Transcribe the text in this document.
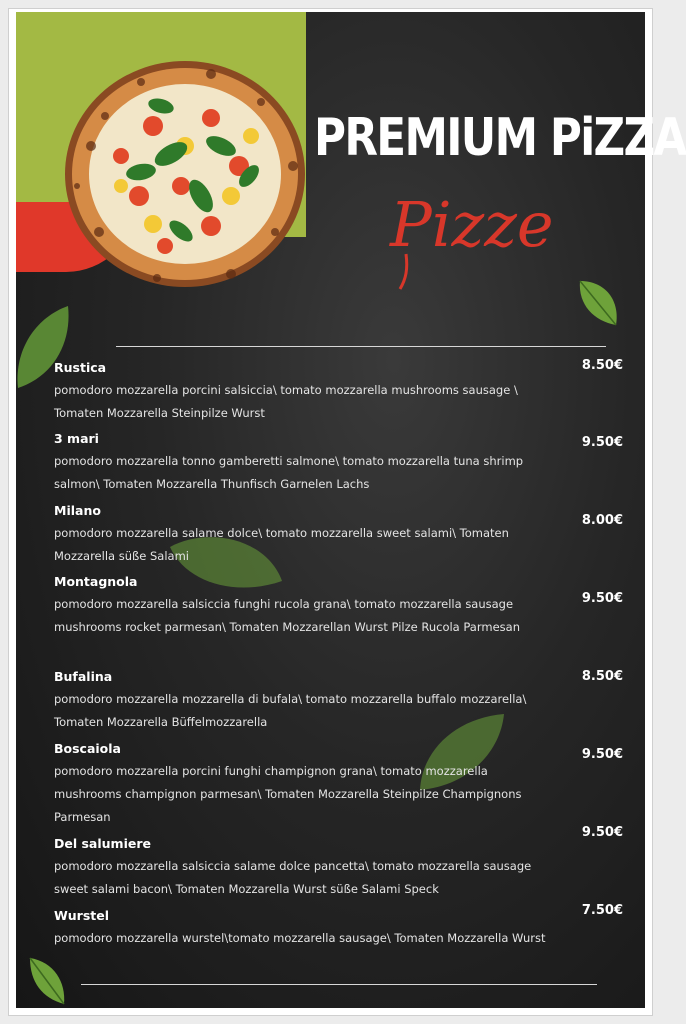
PREMIUM PiZZA
Pizze

Rustica

pomodoro mozzarella porcini salsiccia\ tomato mozzarella mushrooms sausage \ Tomaten Mozzarella Steinpilze Wurst

8.50€

3 mari

pomodoro mozzarella tonno gamberetti salmone\ tomato mozzarella tuna shrimp salmon\ Tomaten Mozzarella Thunfisch Garnelen Lachs

9.50€

Milano

pomodoro mozzarella salame dolce\ tomato mozzarella sweet salami\ Tomaten Mozzarella süße Salami

8.00€

Montagnola

pomodoro mozzarella salsiccia funghi rucola grana\ tomato mozzarella sausage mushrooms rocket parmesan\ Tomaten Mozzarellan Wurst Pilze Rucola Parmesan

9.50€

Bufalina

pomodoro mozzarella mozzarella di bufala\ tomato mozzarella buffalo mozzarella\ Tomaten Mozzarella Büffelmozzarella

8.50€

Boscaiola

pomodoro mozzarella porcini funghi champignon grana\ tomato mozzarella mushrooms champignon parmesan\ Tomaten Mozzarella Steinpilze Champignons Parmesan

9.50€

Del salumiere

pomodoro mozzarella salsiccia salame dolce pancetta\ tomato mozzarella sausage sweet salami bacon\ Tomaten Mozzarella Wurst süße Salami Speck

9.50€

Wurstel

pomodoro mozzarella wurstel\tomato mozzarella sausage\ Tomaten Mozzarella Wurst

7.50€
